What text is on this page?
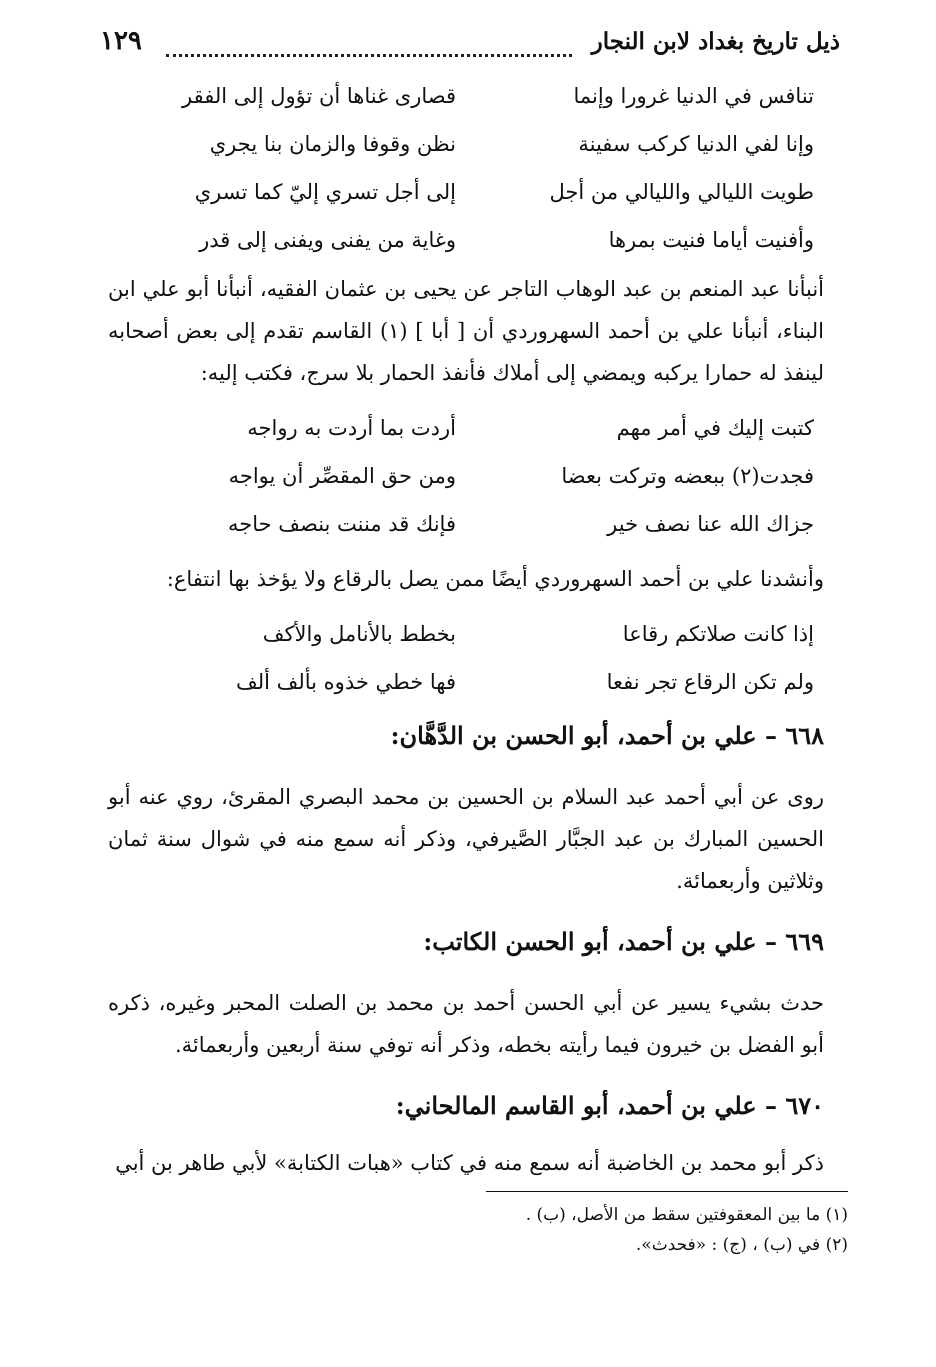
ذيل تاريخ بغداد لابن النجار
١٢٩
تنافس في الدنيا غرورا وإنما
قصارى غناها أن تؤول إلى الفقر
وإنا لفي الدنيا كركب سفينة
نظن وقوفا والزمان بنا يجري
طويت الليالي والليالي من أجل
إلى أجل تسري إليّ كما تسري
وأفنيت أياما فنيت بمرها
وغاية من يفنى ويفنى إلى قدر
أنبأنا عبد المنعم بن عبد الوهاب التاجر عن يحيى بن عثمان الفقيه، أنبأنا أبو علي ابن البناء، أنبأنا علي بن أحمد السهروردي أن [ أبا ] (١) القاسم تقدم إلى بعض أصحابه لينفذ له حمارا يركبه ويمضي إلى أملاك فأنفذ الحمار بلا سرج، فكتب إليه:
كتبت إليك في أمر مهم
أردت بما أردت به رواجه
فجدت(٢) ببعضه وتركت بعضا
ومن حق المقصِّر أن يواجه
جزاك الله عنا نصف خير
فإنك قد مننت بنصف حاجه
وأنشدنا علي بن أحمد السهروردي أيضًا ممن يصل بالرقاع ولا يؤخذ بها انتفاع:
إذا كانت صلاتكم رقاعا
بخطط بالأنامل والأكف
ولم تكن الرقاع تجر نفعا
فها خطي خذوه بألف ألف
٦٦٨ – علي بن أحمد، أبو الحسن بن الدَّهَّان:
روى عن أبي أحمد عبد السلام بن الحسين بن محمد البصري المقرئ، روي عنه أبو الحسين المبارك بن عبد الجبَّار الصَّيرفي، وذكر أنه سمع منه في شوال سنة ثمان وثلاثين وأربعمائة.
٦٦٩ – علي بن أحمد، أبو الحسن الكاتب:
حدث بشيء يسير عن أبي الحسن أحمد بن محمد بن الصلت المحبر وغيره، ذكره أبو الفضل بن خيرون فيما رأيته بخطه، وذكر أنه توفي سنة أربعين وأربعمائة.
٦٧٠ – علي بن أحمد، أبو القاسم المالحاني:
ذكر أبو محمد بن الخاضبة أنه سمع منه في كتاب «هبات الكتابة» لأبي طاهر بن أبي
(١) ما بين المعقوفتين سقط من الأصل، (ب) .
(٢) في (ب) ، (ج) : «فحدث».
